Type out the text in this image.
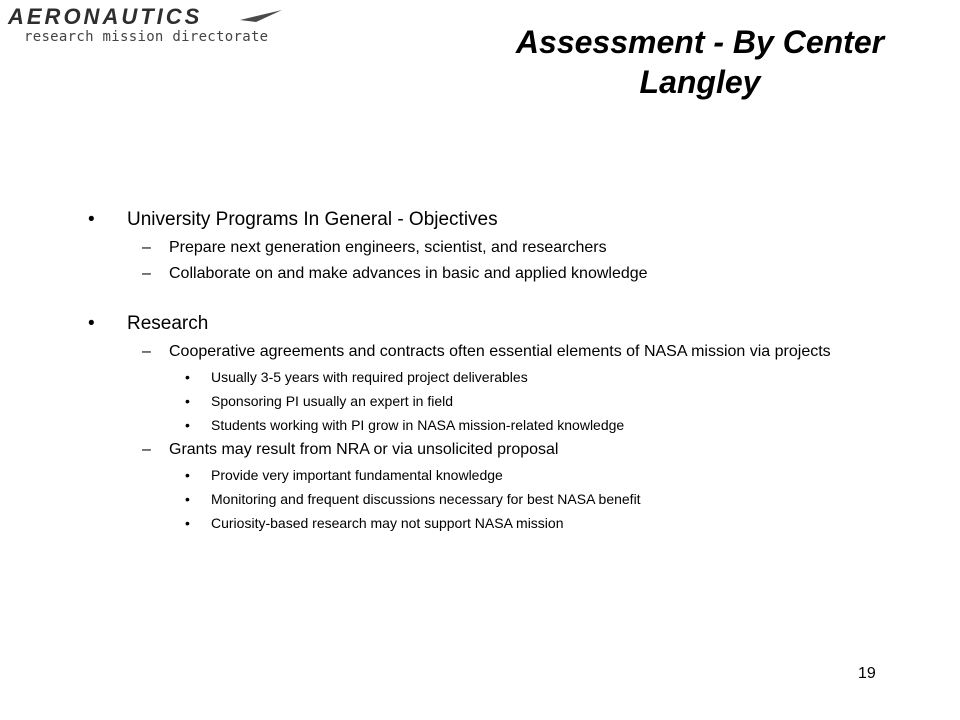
AERONAUTICS
research mission directorate	Assessment - By Center
Langley
• University Programs In General - Objectives
– Prepare next generation engineers, scientist, and researchers
– Collaborate on and make advances in basic and applied knowledge
• Research
– Cooperative agreements and contracts often essential elements of NASA mission via projects
• Usually 3-5 years with required project deliverables
• Sponsoring PI usually an expert in field
• Students working with PI grow in NASA mission-related knowledge
– Grants may result from NRA or via unsolicited proposal
• Provide very important fundamental knowledge
• Monitoring and frequent discussions necessary for best NASA benefit
• Curiosity-based research may not support NASA mission
19
